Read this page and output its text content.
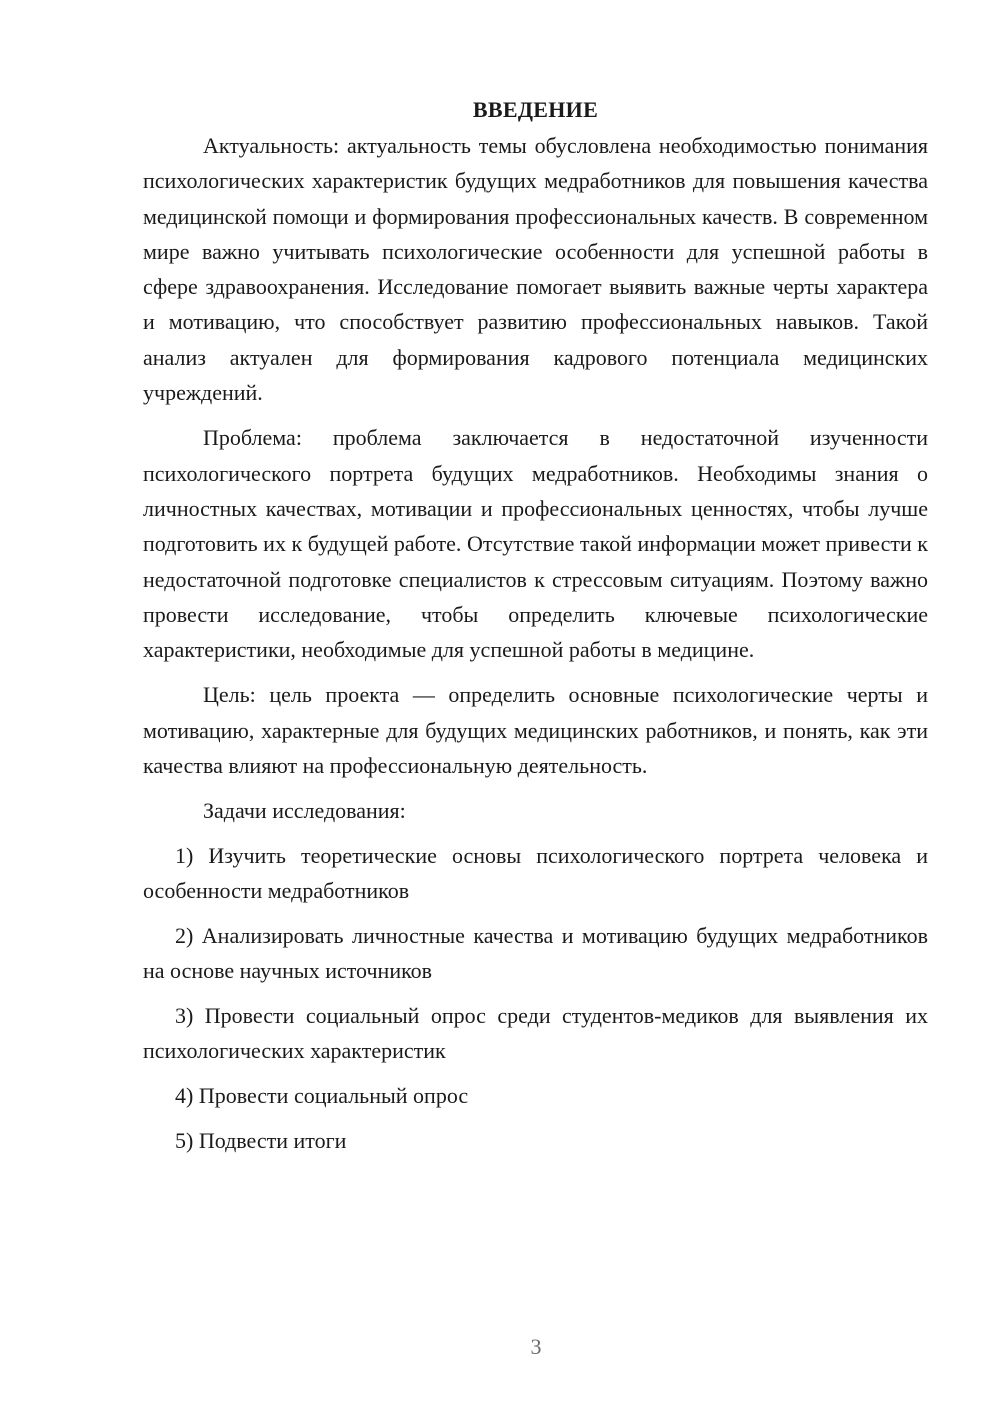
ВВЕДЕНИЕ

Актуальность: актуальность темы обусловлена необходимостью понимания психологических характеристик будущих медработников для повышения качества медицинской помощи и формирования профессиональных качеств. В современном мире важно учитывать психологические особенности для успешной работы в сфере здравоохранения. Исследование помогает выявить важные черты характера и мотивацию, что способствует развитию профессиональных навыков. Такой анализ актуален для формирования кадрового потенциала медицинских учреждений.

Проблема: проблема заключается в недостаточной изученности психологического портрета будущих медработников. Необходимы знания о личностных качествах, мотивации и профессиональных ценностях, чтобы лучше подготовить их к будущей работе. Отсутствие такой информации может привести к недостаточной подготовке специалистов к стрессовым ситуациям. Поэтому важно провести исследование, чтобы определить ключевые психологические характеристики, необходимые для успешной работы в медицине.

Цель: цель проекта — определить основные психологические черты и мотивацию, характерные для будущих медицинских работников, и понять, как эти качества влияют на профессиональную деятельность.

Задачи исследования:

1) Изучить теоретические основы психологического портрета человека и особенности медработников

2) Анализировать личностные качества и мотивацию будущих медработников на основе научных источников

3) Провести социальный опрос среди студентов-медиков для выявления их психологических характеристик

4) Провести социальный опрос

5) Подвести итоги

3
